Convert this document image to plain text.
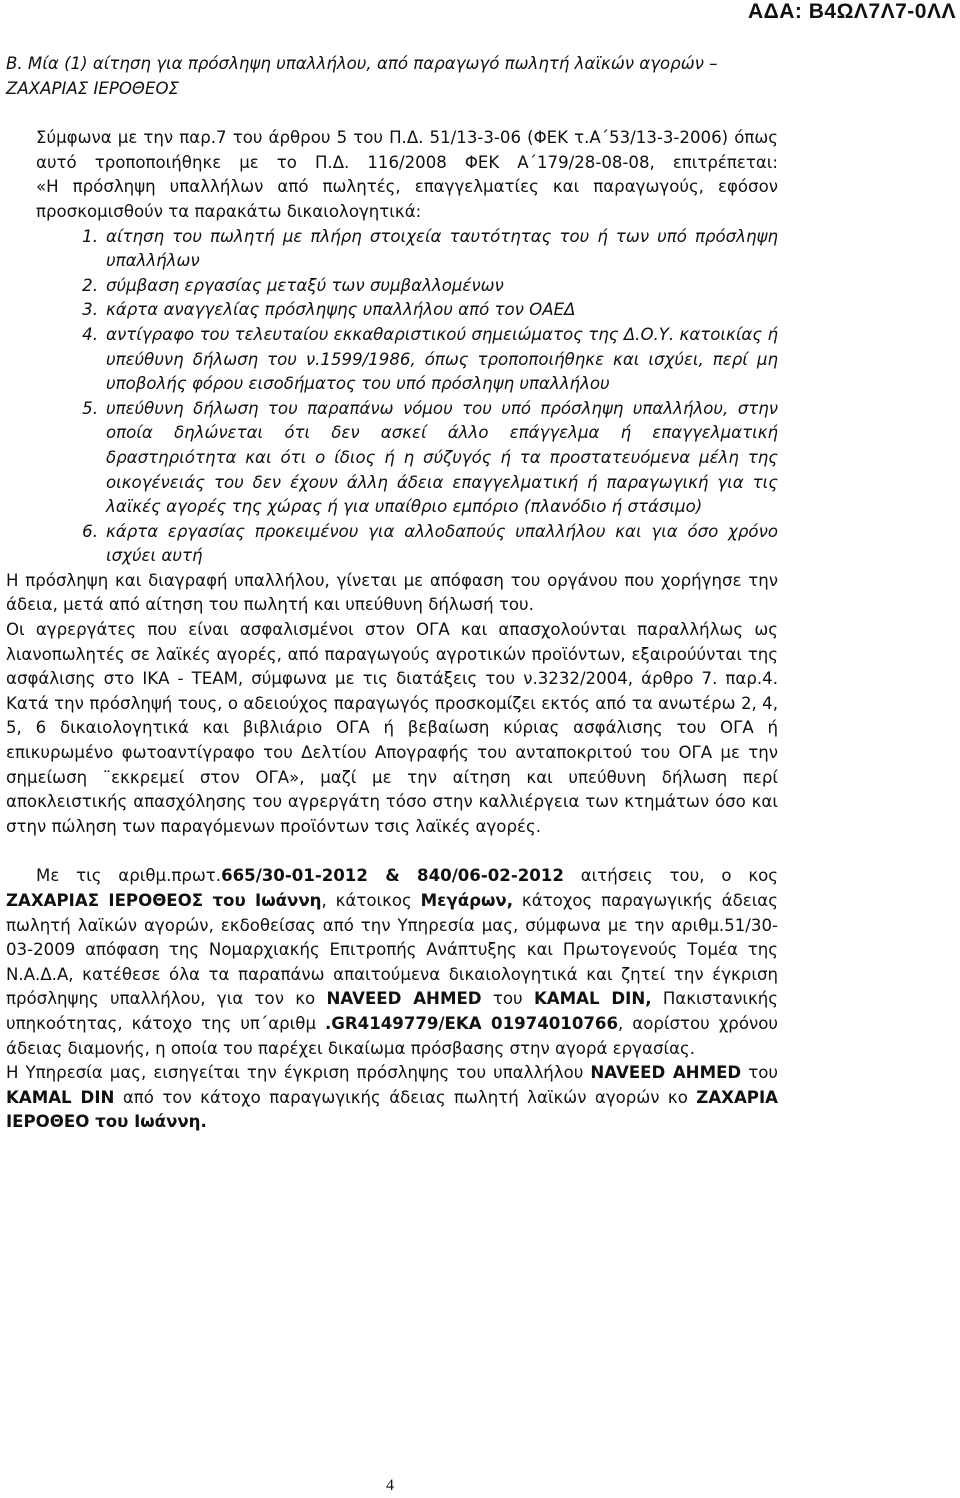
ΑΔΑ: Β4ΩΛ7Λ7-0ΛΛ

Β. Μία (1) αίτηση για πρόσληψη υπαλλήλου, από παραγωγό πωλητή λαϊκών αγορών – ΖΑΧΑΡΙΑΣ ΙΕΡΟΘΕΟΣ

Σύμφωνα με την παρ.7 του άρθρου 5 του Π.Δ. 51/13-3-06 (ΦΕΚ τ.Α΄53/13-3-2006) όπως αυτό τροποποιήθηκε με το Π.Δ. 116/2008 ΦΕΚ Α΄179/28-08-08, επιτρέπεται:

«Η πρόσληψη υπαλλήλων από πωλητές, επαγγελματίες και παραγωγούς, εφόσον προσκομισθούν τα παρακάτω δικαιολογητικά:

1. αίτηση του πωλητή με πλήρη στοιχεία ταυτότητας του ή των υπό πρόσληψη υπαλλήλων
2. σύμβαση εργασίας μεταξύ των συμβαλλομένων
3. κάρτα αναγγελίας πρόσληψης υπαλλήλου από τον ΟΑΕΔ
4. αντίγραφο του τελευταίου εκκαθαριστικού σημειώματος της Δ.Ο.Υ. κατοικίας ή υπεύθυνη δήλωση του ν.1599/1986, όπως τροποποιήθηκε και ισχύει, περί μη υποβολής φόρου εισοδήματος του υπό πρόσληψη υπαλλήλου
5. υπεύθυνη δήλωση του παραπάνω νόμου του υπό πρόσληψη υπαλλήλου, στην οποία δηλώνεται ότι δεν ασκεί άλλο επάγγελμα ή επαγγελματική δραστηριότητα και ότι ο ίδιος ή η σύζυγός ή τα προστατευόμενα μέλη της οικογένειάς του δεν έχουν άλλη άδεια επαγγελματική ή παραγωγική για τις λαϊκές αγορές της χώρας ή για υπαίθριο εμπόριο (πλανόδιο ή στάσιμο)
6. κάρτα εργασίας προκειμένου για αλλοδαπούς υπαλλήλου και για όσο χρόνο ισχύει αυτή

Η πρόσληψη και διαγραφή υπαλλήλου, γίνεται με απόφαση του οργάνου που χορήγησε την άδεια, μετά από αίτηση του πωλητή και υπεύθυνη δήλωσή του.

Οι αγρεργάτες που είναι ασφαλισμένοι στον ΟΓΑ και απασχολούνται παραλλήλως ως λιανοπωλητές σε λαϊκές αγορές, από παραγωγούς αγροτικών προϊόντων, εξαιρούύνται της ασφάλισης στο ΙΚΑ - ΤΕΑΜ, σύμφωνα με τις διατάξεις του ν.3232/2004, άρθρο 7. παρ.4. Κατά την πρόσληψή τους, ο αδειούχος παραγωγός προσκομίζει εκτός από τα ανωτέρω 2, 4, 5, 6 δικαιολογητικά και βιβλιάριο ΟΓΑ ή βεβαίωση κύριας ασφάλισης του ΟΓΑ ή επικυρωμένο φωτοαντίγραφο του Δελτίου Απογραφής του ανταποκριτού του ΟΓΑ με την σημείωση ¨εκκρεμεί στον ΟΓΑ», μαζί με την αίτηση και υπεύθυνη δήλωση περί αποκλειστικής απασχόλησης του αγρεργάτη τόσο στην καλλιέργεια των κτημάτων όσο και στην πώληση των παραγόμενων προϊόντων τσις λαϊκές αγορές.

Με τις αριθμ.πρωτ.665/30-01-2012 & 840/06-02-2012 αιτήσεις του, ο κος ΖΑΧΑΡΙΑΣ ΙΕΡΟΘΕΟΣ του Ιωάννη, κάτοικος Μεγάρων, κάτοχος παραγωγικής άδειας πωλητή λαϊκών αγορών, εκδοθείσας από την Υπηρεσία μας, σύμφωνα με την αριθμ.51/30-03-2009 απόφαση της Νομαρχιακής Επιτροπής Ανάπτυξης και Πρωτογενούς Τομέα της Ν.Α.Δ.Α, κατέθεσε όλα τα παραπάνω απαιτούμενα δικαιολογητικά και ζητεί την έγκριση πρόσληψης υπαλλήλου, για τον κο NAVEED AHMED του KAMAL DIN, Πακιστανικής υπηκοότητας, κάτοχο της υπ΄αριθμ .GR4149779/ΕΚΑ 01974010766, αορίστου χρόνου άδειας διαμονής, η οποία του παρέχει δικαίωμα πρόσβασης στην αγορά εργασίας.

Η Υπηρεσία μας, εισηγείται την έγκριση πρόσληψης του υπαλλήλου NAVEED AHMED του KAMAL DIN από τον κάτοχο παραγωγικής άδειας πωλητή λαϊκών αγορών κο ΖΑΧΑΡΙΑ ΙΕΡΟΘΕΟ του Ιωάννη.

4
